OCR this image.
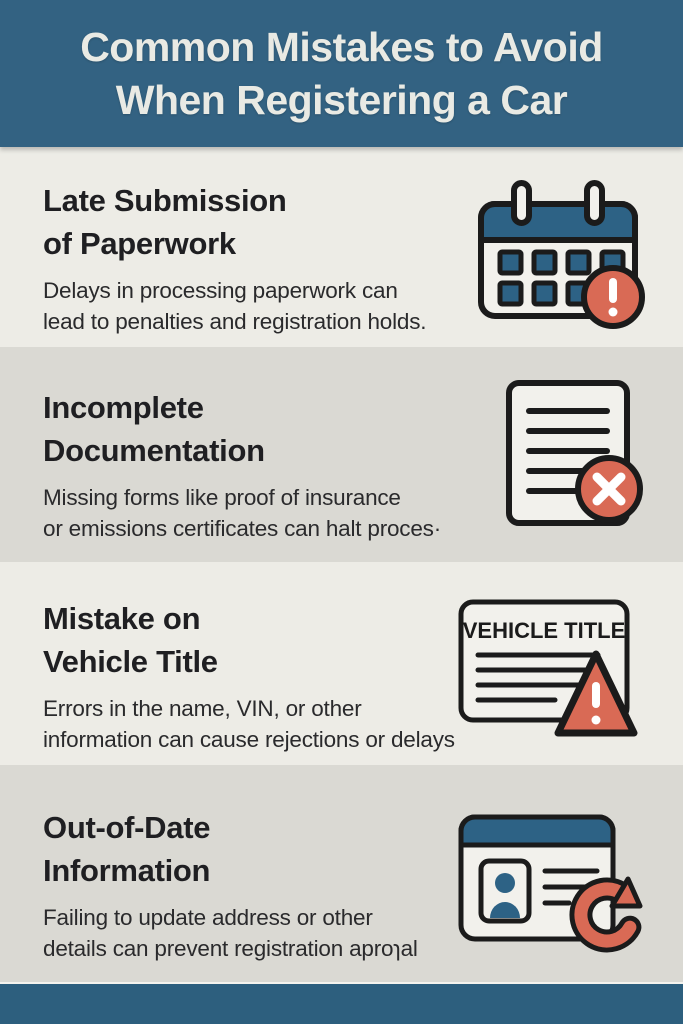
Common Mistakes to Avoid
When Registering a Car
Late Submission
of Paperwork
Delays in processing paperwork can
lead to penalties and registration holds.
Incomplete
Documentation
Missing forms like proof of insurance
or emissions certificates can halt proces·
Mistake on
Vehicle Title
Errors in the name, VIN, or other
information can cause rejections or delays
VEHICLE TITLE
Out-of-Date
Information
Failing to update address or other
details can prevent registration aproɿal
